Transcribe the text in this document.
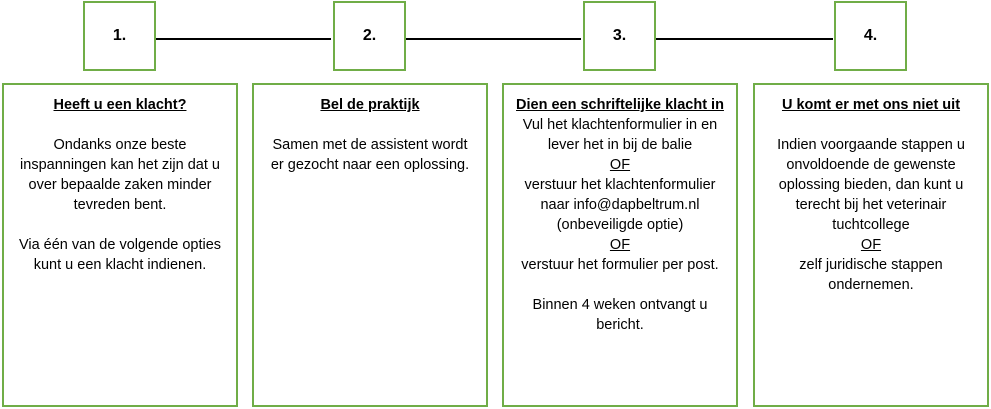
1.	2.	3.	4.
Heeft u een klacht?
Ondanks onze beste inspanningen kan het zijn dat u over bepaalde zaken minder tevreden bent.
Via één van de volgende opties kunt u een klacht indienen.
Bel de praktijk
Samen met de assistent wordt er gezocht naar een oplossing.
Dien een schriftelijke klacht in
Vul het klachtenformulier in en lever het in bij de balie
OF
verstuur het klachtenformulier naar info@dapbeltrum.nl (onbeveiligde optie)
OF
verstuur het formulier per post.
Binnen 4 weken ontvangt u bericht.
U komt er met ons niet uit
Indien voorgaande stappen u onvoldoende de gewenste oplossing bieden, dan kunt u terecht bij het veterinair tuchtcollege
OF
zelf juridische stappen ondernemen.
